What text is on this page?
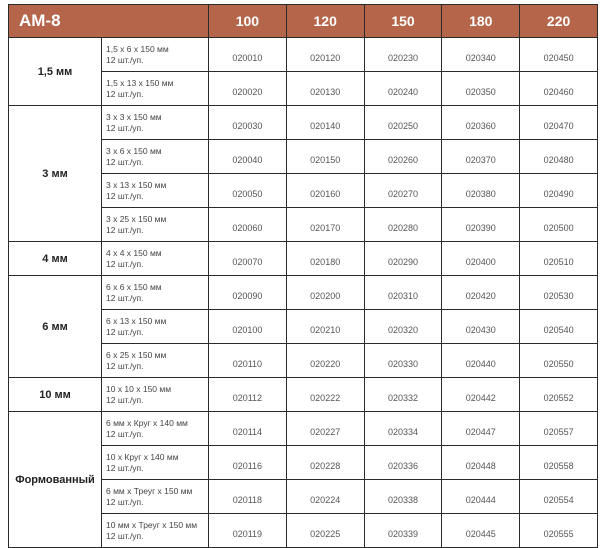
АМ-8		100	120	150	180	220
1,5 мм	1,5 x 6 x 150 мм
12 шт./уп.	020010	020120	020230	020340	020450

	1,5 x 13 x 150 мм
12 шт./уп.	020020	020130	020240	020350	020460
3 мм	3 x 3 x 150 мм
12 шт./уп.	020030	020140	020250	020360	020470

	3 x 6 x 150 мм
12 шт./уп.	020040	020150	020260	020370	020480

	3 x 13 x 150 мм
12 шт./уп.	020050	020160	020270	020380	020490

	3 x 25 x 150 мм
12 шт./уп.	020060	020170	020280	020390	020500
4 мм	4 x 4 x 150 мм
12 шт./уп.	020070	020180	020290	020400	020510
6 мм	6 x 6 x 150 мм
12 шт./уп.	020090	020200	020310	020420	020530

	6 x 13 x 150 мм
12 шт./уп.	020100	020210	020320	020430	020540

	6 x 25 x 150 мм
12 шт./уп.	020110	020220	020330	020440	020550
10 мм	10 x 10 x 150 мм
12 шт./уп.	020112	020222	020332	020442	020552
Формованный	6 мм x Круг x 140 мм
12 шт./уп.	020114	020227	020334	020447	020557

	10 x Круг x 140 мм
12 шт./уп.	020116	020228	020336	020448	020558

	6 мм x Треуг x 150 мм
12 шт./уп.	020118	020224	020338	020444	020554

	10 мм x Треуг x 150 мм
12 шт./уп.	020119	020225	020339	020445	020555
